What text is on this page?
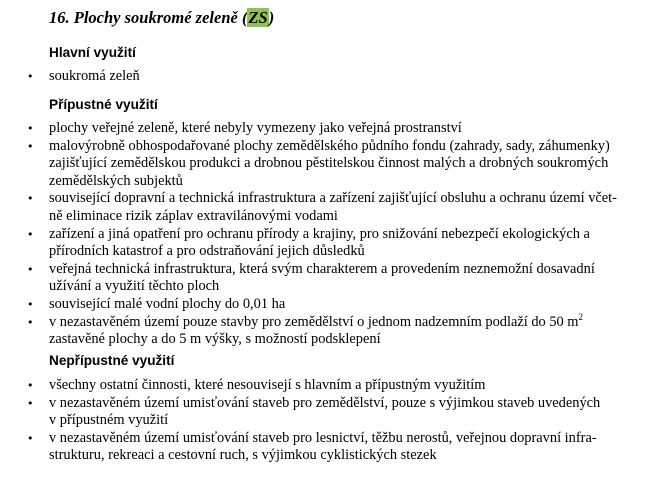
16. Plochy soukromé zeleně (ZS)
Hlavní využití
• soukromá zeleň
Přípustné využití
• plochy veřejné zeleně, které nebyly vymezeny jako veřejná prostranství
• malovýrobně obhospodařované plochy zemědělského půdního fondu (zahrady, sady, záhumenky)
zajišťující zemědělskou produkci a drobnou pěstitelskou činnost malých a drobných soukromých
zemědělských subjektů
• související dopravní a technická infrastruktura a zařízení zajišťující obsluhu a ochranu území včet-
ně eliminace rizik záplav extravilánovými vodami
• zařízení a jiná opatření pro ochranu přírody a krajiny, pro snižování nebezpečí ekologických a
přírodních katastrof a pro odstraňování jejich důsledků
• veřejná technická infrastruktura, která svým charakterem a provedením neznemožní dosavadní
užívání a využití těchto ploch
• související malé vodní plochy do 0,01 ha
• v nezastavěném území pouze stavby pro zemědělství o jednom nadzemním podlaží do 50 $m^2$
zastavěné plochy a do 5 m výšky, s možností podsklepení
Nepřípustné využití
• všechny ostatní činnosti, které nesouvisejí s hlavním a přípustným využitím
• v nezastavěném území umisťování staveb pro zemědělství, pouze s výjimkou staveb uvedených
v přípustném využití
• v nezastavěném území umisťování staveb pro lesnictví, těžbu nerostů, veřejnou dopravní infra-
strukturu, rekreaci a cestovní ruch, s výjimkou cyklistických stezek
